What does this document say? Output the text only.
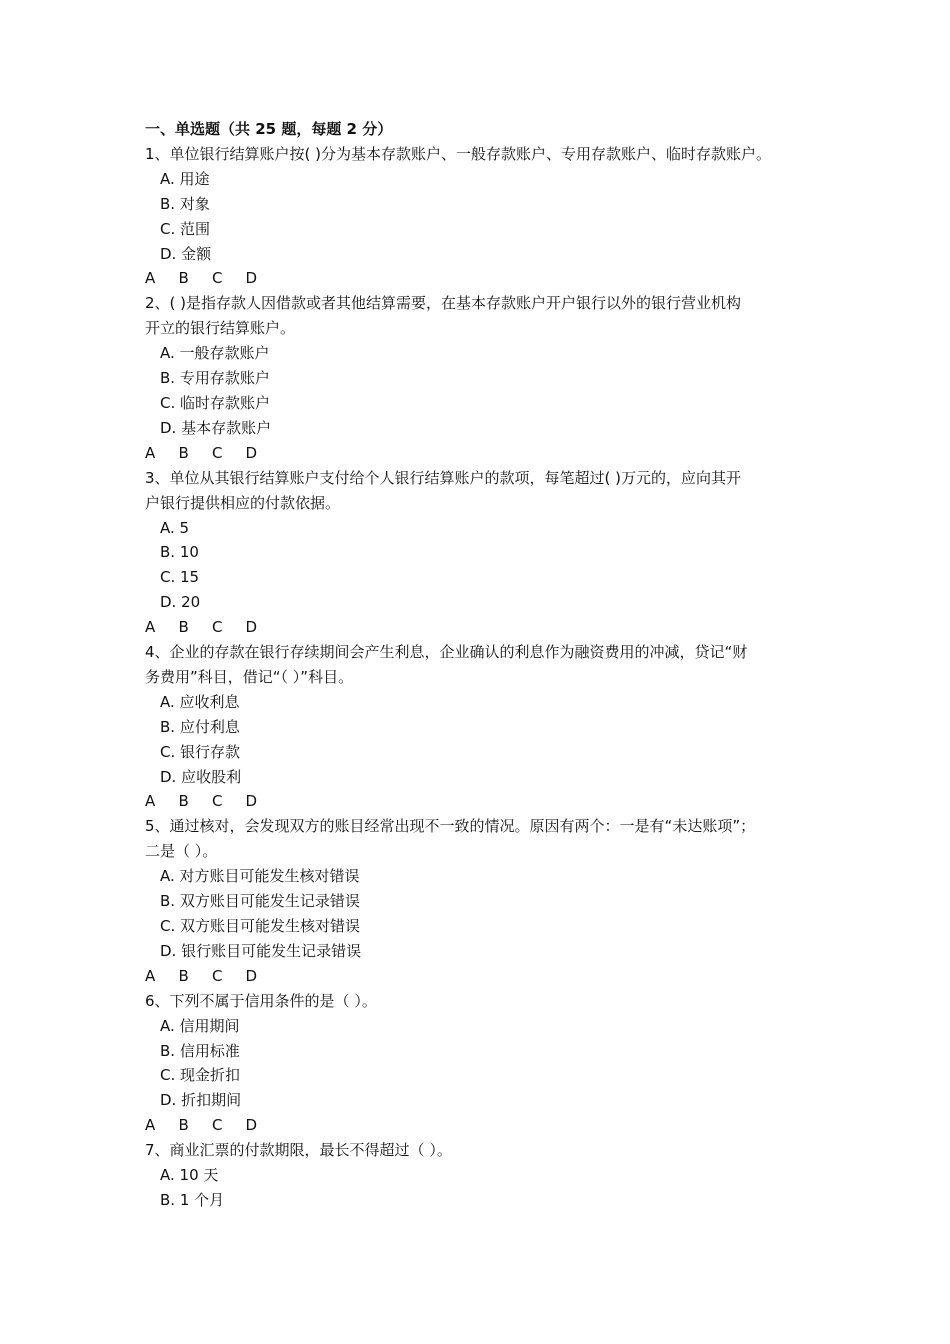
一、单选题（共 25 题，每题 2 分）
1、单位银行结算账户按( )分为基本存款账户、一般存款账户、专用存款账户、临时存款账户。
A. 用途
B. 对象
C. 范围
D. 金额
A	B	C	D
2、( )是指存款人因借款或者其他结算需要，在基本存款账户开户银行以外的银行营业机构
开立的银行结算账户。
A. 一般存款账户
B. 专用存款账户
C. 临时存款账户
D. 基本存款账户
A	B	C	D
3、单位从其银行结算账户支付给个人银行结算账户的款项，每笔超过( )万元的，应向其开
户银行提供相应的付款依据。
A. 5
B. 10
C. 15
D. 20
A	B	C	D
4、企业的存款在银行存续期间会产生利息，企业确认的利息作为融资费用的冲减，贷记“财
务费用”科目，借记“（ ）”科目。
A. 应收利息
B. 应付利息
C. 银行存款
D. 应收股利
A	B	C	D
5、通过核对，会发现双方的账目经常出现不一致的情况。原因有两个：一是有“未达账项”；
二是（ ）。
A. 对方账目可能发生核对错误
B. 双方账目可能发生记录错误
C. 双方账目可能发生核对错误
D. 银行账目可能发生记录错误
A	B	C	D
6、下列不属于信用条件的是（ ）。
A. 信用期间
B. 信用标准
C. 现金折扣
D. 折扣期间
A	B	C	D
7、商业汇票的付款期限，最长不得超过（ ）。
A. 10 天
B. 1 个月
